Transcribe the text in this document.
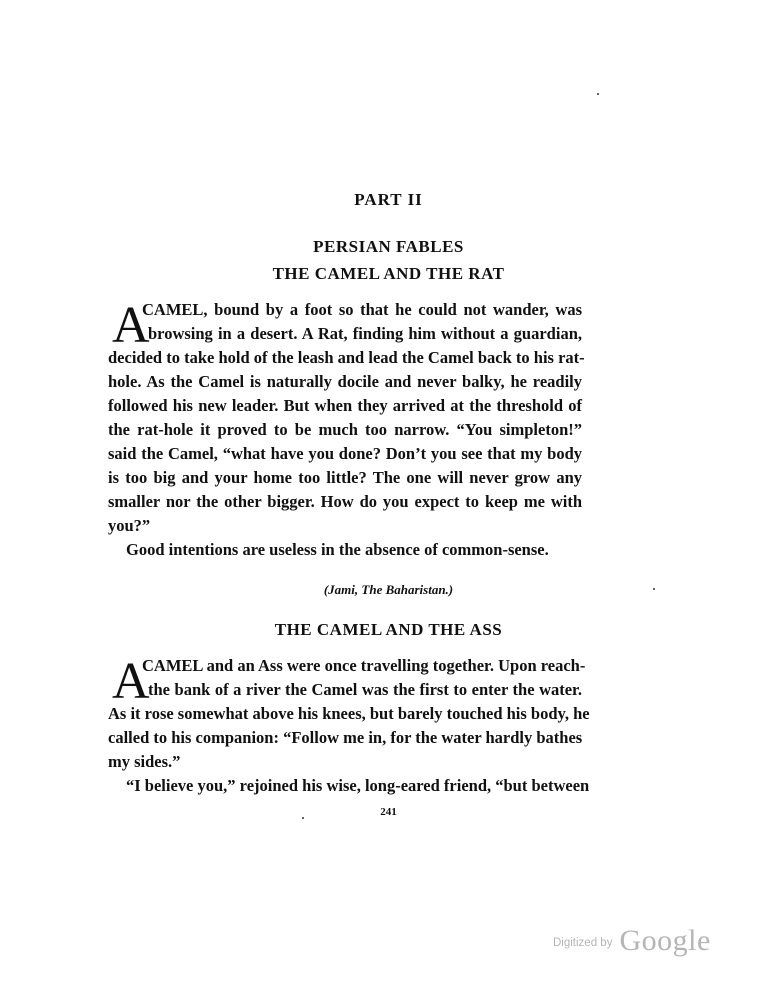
PART II
PERSIAN FABLES
THE CAMEL AND THE RAT
A
CAMEL, bound by a foot so that he could not wander, was
browsing in a desert. A Rat, finding him without a guardian,
decided to take hold of the leash and lead the Camel back to his rat-
hole. As the Camel is naturally docile and never balky, he readily
followed his new leader. But when they arrived at the threshold of
the rat-hole it proved to be much too narrow. “You simpleton!”
said the Camel, “what have you done? Don’t you see that my body
is too big and your home too little? The one will never grow any
smaller nor the other bigger. How do you expect to keep me with
you?”
Good intentions are useless in the absence of common-sense.
(Jami, The Baharistan.)
THE CAMEL AND THE ASS
A
CAMEL and an Ass were once travelling together. Upon reach-
the bank of a river the Camel was the first to enter the water.
As it rose somewhat above his knees, but barely touched his body, he
called to his companion: “Follow me in, for the water hardly bathes
my sides.”
“I believe you,” rejoined his wise, long-eared friend, “but between
241
$^{Digitized by}$ Google
